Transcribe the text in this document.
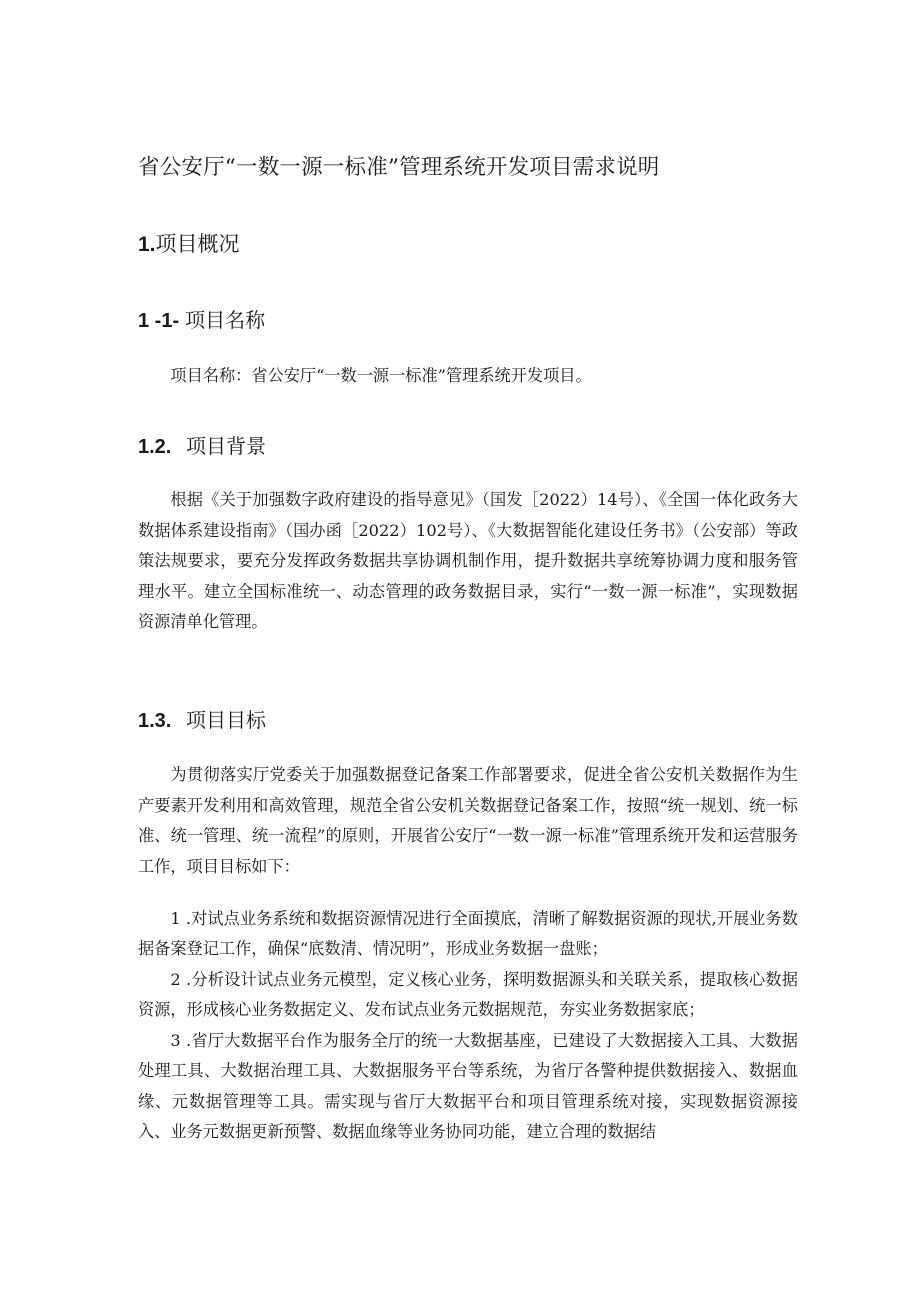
省公安厅“一数一源一标准”管理系统开发项目需求说明
1.项目概况
1 -1- 项目名称

项目名称：省公安厅“一数一源一标准”管理系统开发项目。

1.2. 项目背景

根据《关于加强数字政府建设的指导意见》（国发［2022）14号）、《全国一体化政务大数据体系建设指南》（国办函［2022）102号）、《大数据智能化建设任务书》（公安部）等政策法规要求，要充分发挥政务数据共享协调机制作用，提升数据共享统筹协调力度和服务管理水平。建立全国标准统一、动态管理的政务数据目录，实行“一数一源一标准”，实现数据资源清单化管理。

1.3. 项目目标

为贯彻落实厅党委关于加强数据登记备案工作部署要求，促进全省公安机关数据作为生产要素开发利用和高效管理，规范全省公安机关数据登记备案工作，按照“统一规划、统一标准、统一管理、统一流程”的原则，开展省公安厅“一数一源一标准”管理系统开发和运营服务工作，项目目标如下：

1 .对试点业务系统和数据资源情况进行全面摸底，清晰了解数据资源的现状,开展业务数据备案登记工作，确保“底数清、情况明”，形成业务数据一盘账；

2 .分析设计试点业务元模型，定义核心业务，探明数据源头和关联关系，提取核心数据资源，形成核心业务数据定义、发布试点业务元数据规范，夯实业务数据家底；

3 .省厅大数据平台作为服务全厅的统一大数据基座，已建设了大数据接入工具、大数据处理工具、大数据治理工具、大数据服务平台等系统，为省厅各警种提供数据接入、数据血缘、元数据管理等工具。需实现与省厅大数据平台和项目管理系统对接，实现数据资源接入、业务元数据更新预警、数据血缘等业务协同功能，建立合理的数据结
